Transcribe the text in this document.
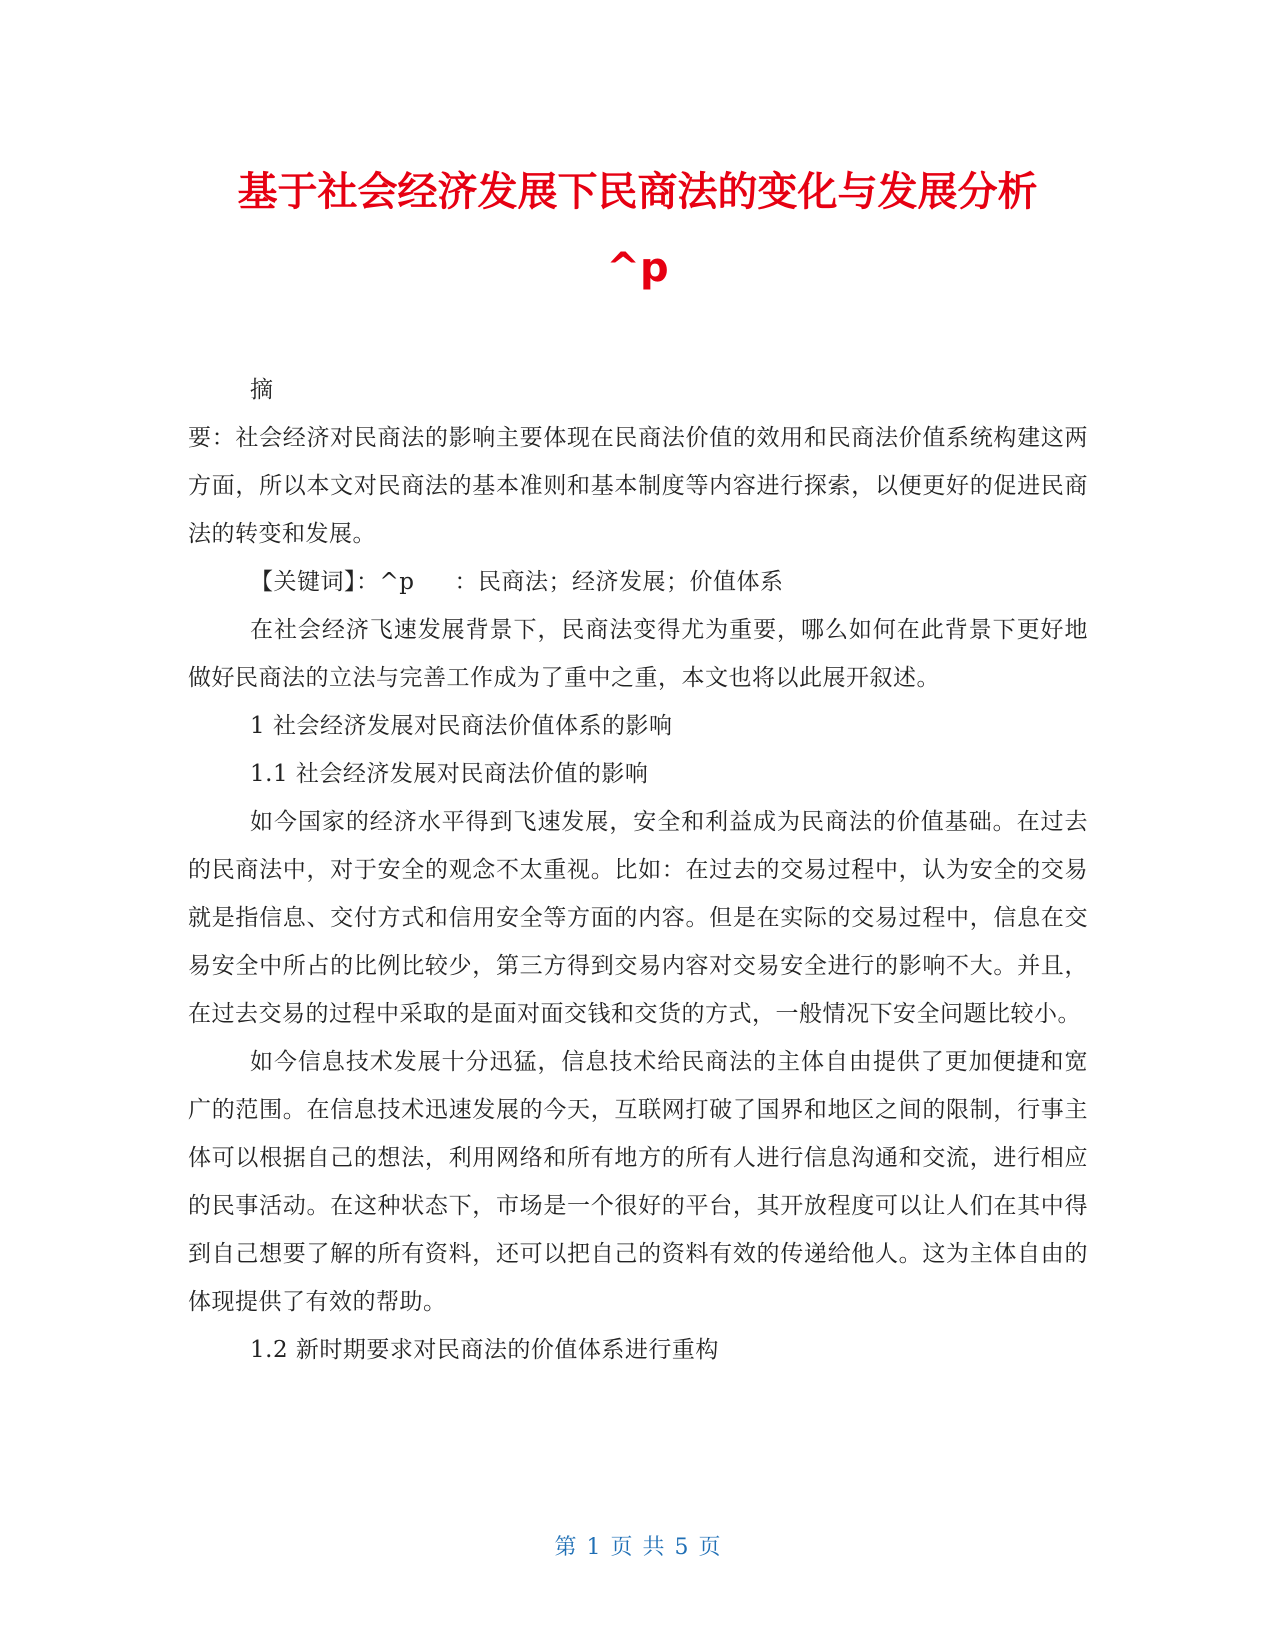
基于社会经济发展下民商法的变化与发展分析
^p

摘

要：社会经济对民商法的影响主要体现在民商法价值的效用和民商法价值系统构建这两方面，所以本文对民商法的基本准则和基本制度等内容进行探索，以便更好的促进民商法的转变和发展。

【关键词】：^p ：民商法；经济发展；价值体系

在社会经济飞速发展背景下，民商法变得尤为重要，哪么如何在此背景下更好地做好民商法的立法与完善工作成为了重中之重，本文也将以此展开叙述。

1 社会经济发展对民商法价值体系的影响

1.1 社会经济发展对民商法价值的影响

如今国家的经济水平得到飞速发展，安全和利益成为民商法的价值基础。在过去的民商法中，对于安全的观念不太重视。比如：在过去的交易过程中，认为安全的交易就是指信息、交付方式和信用安全等方面的内容。但是在实际的交易过程中，信息在交易安全中所占的比例比较少，第三方得到交易内容对交易安全进行的影响不大。并且，在过去交易的过程中采取的是面对面交钱和交货的方式，一般情况下安全问题比较小。

如今信息技术发展十分迅猛，信息技术给民商法的主体自由提供了更加便捷和宽广的范围。在信息技术迅速发展的今天，互联网打破了国界和地区之间的限制，行事主体可以根据自己的想法，利用网络和所有地方的所有人进行信息沟通和交流，进行相应的民事活动。在这种状态下，市场是一个很好的平台，其开放程度可以让人们在其中得到自己想要了解的所有资料，还可以把自己的资料有效的传递给他人。这为主体自由的体现提供了有效的帮助。

1.2 新时期要求对民商法的价值体系进行重构

第 1 页 共 5 页
